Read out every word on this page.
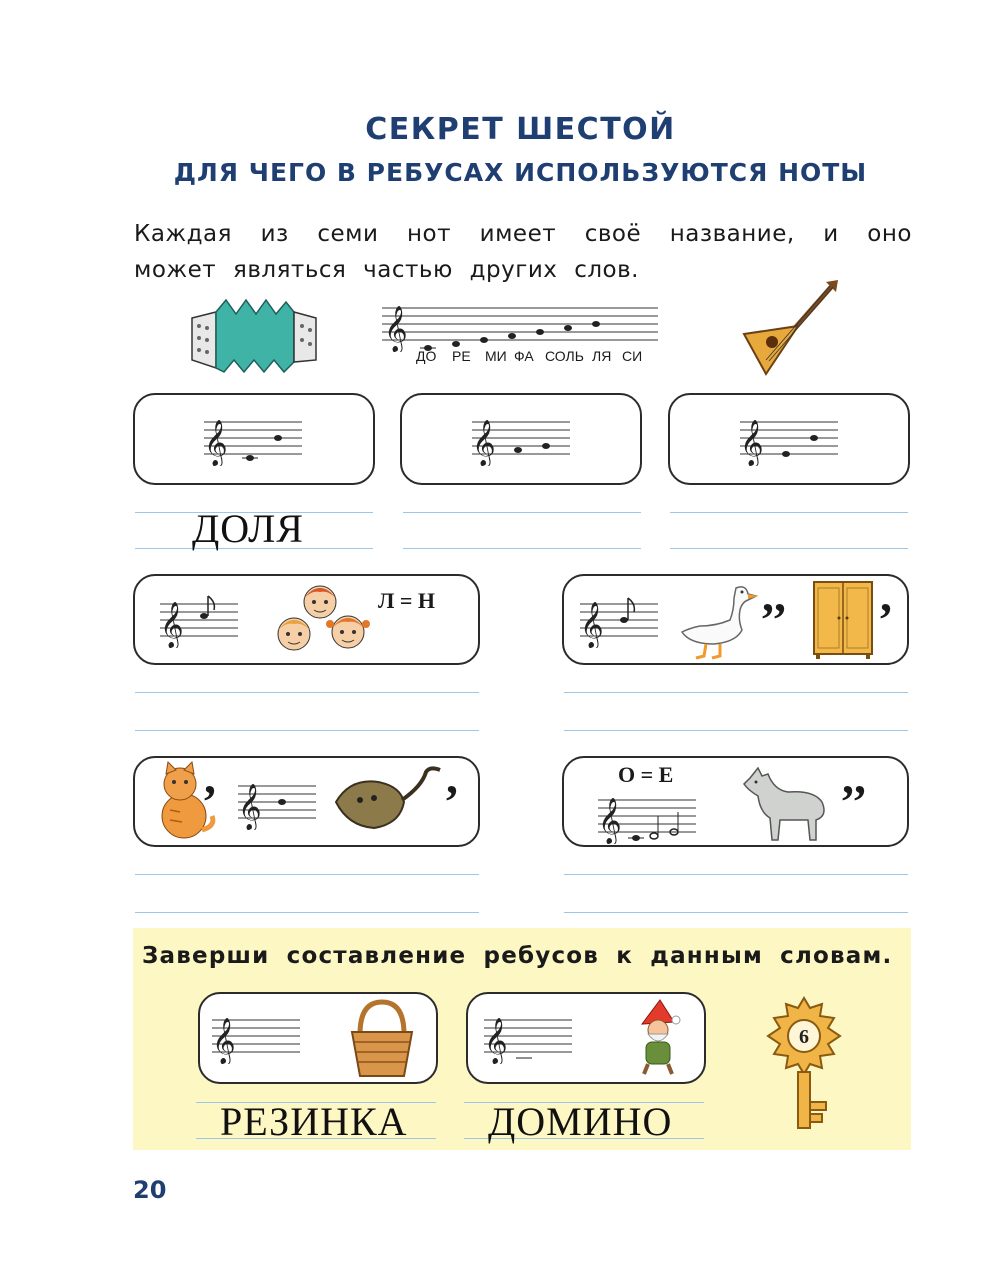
СЕКРЕТ ШЕСТОЙ
ДЛЯ ЧЕГО В РЕБУСАХ ИСПОЛЬЗУЮТСЯ НОТЫ
Каждая из семи нот имеет своё название, и оно может являться частью других слов.
𝄞
ДО РЕ МИ ФА СОЛЬ ЛЯ СИ
𝄞	𝄞	𝄞
ДОЛЯ
𝄞
Л = Н
𝄞
,, ,
,
𝄞
,	О = Е
𝄞
,,
Заверши составление ребусов к данным словам.
𝄞	𝄞
РЕЗИНКА ДОМИНО
6
20
